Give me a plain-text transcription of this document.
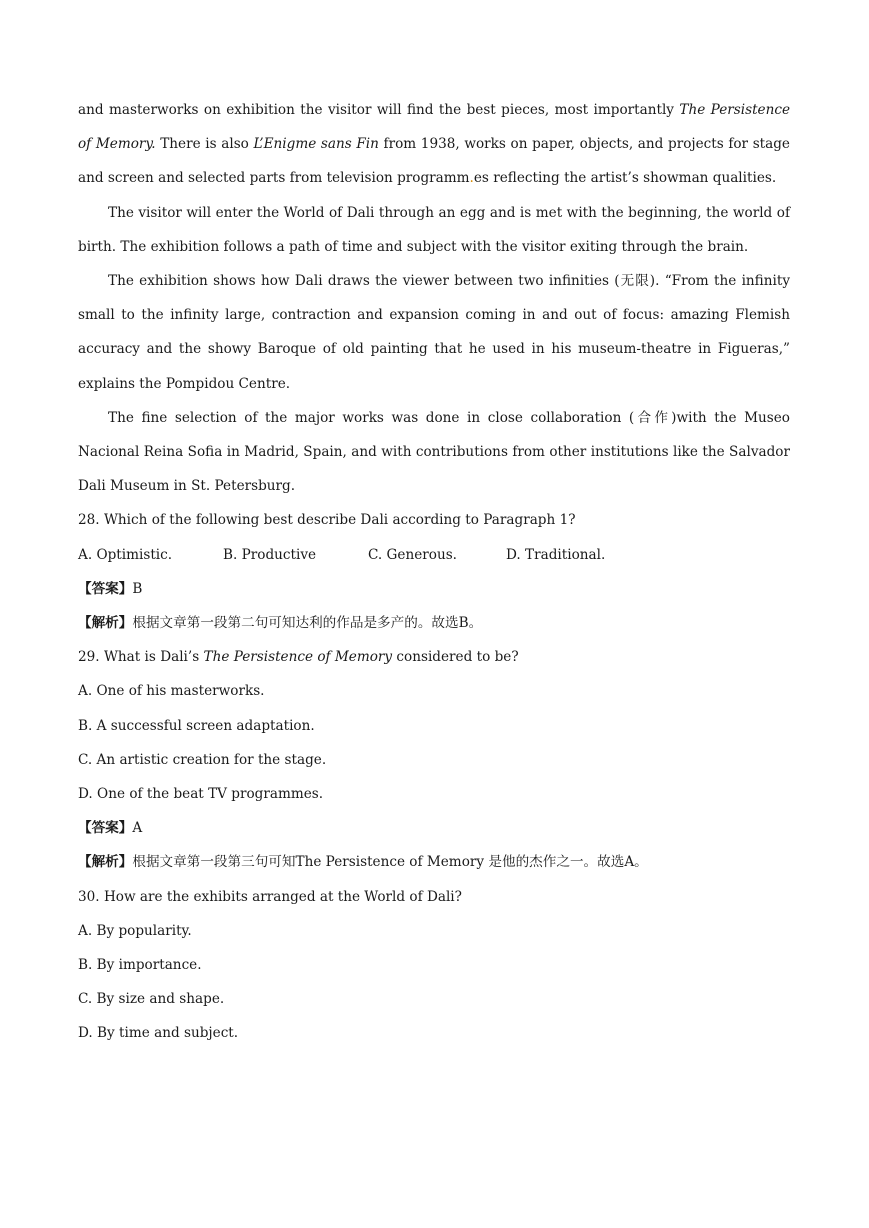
and masterworks on exhibition the visitor will find the best pieces, most importantly The Persistence of Memory. There is also L’Enigme sans Fin from 1938, works on paper, objects, and projects for stage and screen and selected parts from television programm.es reflecting the artist’s showman qualities.

The visitor will enter the World of Dali through an egg and is met with the beginning, the world of birth. The exhibition follows a path of time and subject with the visitor exiting through the brain.

The exhibition shows how Dali draws the viewer between two infinities (无限). “From the infinity small to the infinity large, contraction and expansion coming in and out of focus: amazing Flemish accuracy and the showy Baroque of old painting that he used in his museum-theatre in Figueras,” explains the Pompidou Centre.

The fine selection of the major works was done in close collaboration (合作)with the Museo Nacional Reina Sofia in Madrid, Spain, and with contributions from other institutions like the Salvador Dali Museum in St. Petersburg.

28. Which of the following best describe Dali according to Paragraph 1?

A. Optimistic.	B. Productive	C. Generous.	D. Traditional.

【答案】B

【解析】根据文章第一段第二句可知达利的作品是多产的。故选B。

29. What is Dali’s The Persistence of Memory considered to be?

A. One of his masterworks.

B. A successful screen adaptation.

C. An artistic creation for the stage.

D. One of the beat TV programmes.

【答案】A

【解析】根据文章第一段第三句可知The Persistence of Memory 是他的杰作之一。故选A。

30. How are the exhibits arranged at the World of Dali?

A. By popularity.

B. By importance.

C. By size and shape.

D. By time and subject.
